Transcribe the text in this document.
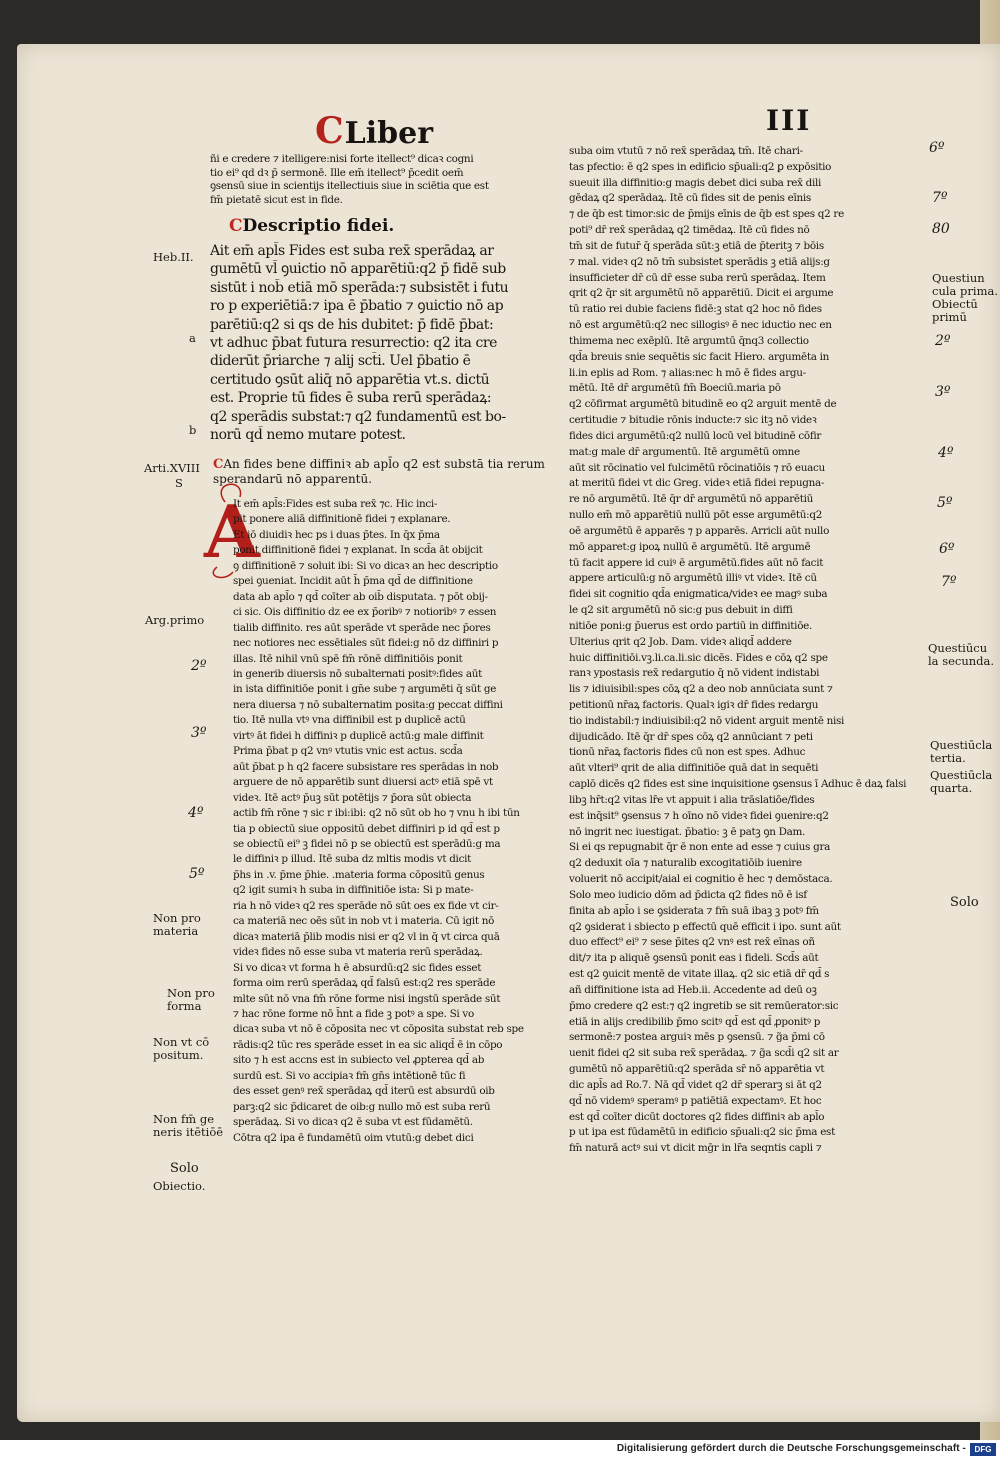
CLiber	III
ñi e credere ⁊ itelligere:nisi forte itellect⁹ dicaꝛ cogni
tio ei⁹ qd̄ dꝛ p̄ sermonē. Ille em̄ itellect⁹ p̄cedit oem̄
ꝯsensū siue in scientijs itellectiuis siue in sciētia que est
fm̄ pietatē sicut est in fide.
CDescriptio fidei.
Ait em̄ apl̄s Fides est suba rex̄ sperādaꝝ ar
gumētū vl̄ ꝯuictio nō apparētiū:q2 p̄ fidē sub
sistūt i nob̄ etiā mō sperāda:⁊ subsistēt i futu
ro p experiētiā:⁊ ipa ē p̄batio ⁊ ꝯuictio nō ap
parētiū:q2 si qs de his dubitet: p̄ fidē p̄bat:
vt adhuc p̄bat futura resurrectio: q2 ita cre
diderūt p̄riarche ⁊ alij sct̄i. Uel p̄batio ē
certitudo ꝯsūt aliq̄ nō apparētia vt.s. dictū
est. Proprie tū fides ē suba rerū sperādaꝝ:
q2 sperādis substat:⁊ q2 fundamentū est bo-
norū qd̄ nemo mutare potest.
CAn fides bene diffiniꝛ ab apl̄o q2 est substā tia rerum sperandarū nō apparentū.
A
It em̄ apl̄s:Fides est suba rex̄ ⁊c. Hic inci-
pit ponere aliā diffinitionē fidei ⁊ explanare.
Et iō diuidiꝛ hec ps i duas p̄tes. In q̄x p̄ma
ponit diffinitionē fidei ⁊ explanat. In scd̄a āt obijcit
ꝯ diffinitionē ⁊ soluit ibi: Si vo dicaꝛ an hec descriptio
spei ꝯueniat. Incidit aūt h̄ p̄ma qd̄ de diffinitione
data ab apl̄o ⁊ qd̄ coīter ab oib̄ disputata. ⁊ pōt obij-
ci sic. Ois diffinitio dz ee ex p̄oribꝰ ⁊ notioribꝰ ⁊ essen
tialib diffinito. res aūt sperāde vt sperāde nec p̄ores
nec notiores nec essētiales sūt fidei:g nō dz diffiniri p
illas. Itē nihil vnū spē fm̄ rōnē diffinitiōis ponit
in generib diuersis nō subalternati positꝰ:fides aūt
in ista diffinitiōe ponit i gn̄e sube ⁊ argumēti q̄ sūt ge
nera diuersa ⁊ nō subalternatim posita:g peccat diffini
tio. Itē nulla vtꝰ vna diffinibil est p duplicē actū
virtꝰ āt fidei h diffiniꝛ p duplicē actū:g male diffinit
Prima p̄bat p q2 vnꝰ vtutis vnic est actus. scd̄a
aūt p̄bat p h q2 facere subsistare res sperādas in nob
arguere de nō apparētib sunt diuersi actꝰ etiā spē vt
videꝛ. Itē actꝰ p̄uꝫ sūt potētijs ⁊ p̄ora sūt obiecta
actib fm̄ rōne ⁊ sic r ibi:ibi: q2 nō sūt ob ho ⁊ vnu h ibi tūn
tia p obiectū siue oppositū debet diffiniri p id qd̄ est p
se obiectū ei⁹ ꝫ fidei nō p se obiectū est sperādū:g ma
le diffiniꝛ p illud. Itē suba dz mltis modis vt dicit
p̄hs in .v. p̄me p̄hie. .materia forma cōpositū genus
q2 igit sumiꝛ h suba in diffinitiōe ista: Si p mate-
ria h nō videꝛ q2 res sperāde nō sūt oes ex fide vt cir-
ca materiā nec oēs sūt in nob vt i materia. Cū igit nō
dicaꝛ materiā p̄lib modis nisi er q2 vl in q̄ vt circa quā
videꝛ fides nō esse suba vt materia rerū sperādaꝝ.
Si vo dicaꝛ vt forma h ē absurdū:q2 sic fides esset
forma oim rerū sperādaꝝ qd̄ falsū est:q2 res sperāde
mlte sūt nō vna fm̄ rōne forme nisi ingstū sperāde sūt
⁊ hac rōne forme nō h̄nt a fide ꝫ potꝰ a spe. Si vo
dicaꝛ suba vt nō ē cōposita nec vt cōposita substat reb spe
rādis:q2 tūc res sperāde esset in ea sic aliqd̄ ē in cōpo
sito ⁊ h est accns est in subiecto vel ꝓpterea qd̄ ab
surdū est. Si vo accipiaꝛ fm̄ gn̄s intētionē tūc fi
des esset genꝰ rex̄ sperādaꝝ qd̄ iterū est absurdū oib
parꝫ:q2 sic p̄dicaret de oib:g nullo mō est suba rerū
sperādaꝝ. Si vo dicaꝛ q2 ē suba vt est fūdamētū.
Cōtra q2 ipa ē fundamētū oim vtutū:g debet dici
suba oim vtutū ⁊ nō rex̄ sperādaꝝ tm̄. Itē chari-
tas pfectio: ē q2 spes in edificio sp̄uali:q2 ꝑ expōsitio
sueuit illa diffinitio:g magis debet dici suba rex̄ dili
gēdaꝝ q2 sperādaꝝ. Itē cū fides sit de penis eīnis
⁊ de q̄b est timor:sic de p̄mijs eīnis de q̄b est spes q2 re
poti⁹ dr̄ rex̄ sperādaꝝ q2 timēdaꝝ. Itē cū fides nō
tm̄ sit de futur̄ q̄ sperāda sūt:ꝫ etiā de p̄teritꝫ ⁊ bōis
⁊ mal. videꝛ q2 nō tm̄ subsistet sperādis ꝫ etiā alijs:g
insufficieter dr̄ cū dr̄ esse suba rerū sperādaꝝ. Item
qrit q2 q̄r sit argumētū nō apparētiū. Dicit ei argume
tū ratio rei dubie faciens fidē:ꝫ stat q2 hoc nō fides
nō est argumētū:q2 nec sillogisꝰ ē nec iductio nec en
thimema nec exēplū. Itē argumtū q̄nq3 collectio
qd̄a breuis snie sequētis sic facit Hiero. argumēta in
li.in eplis ad Rom. ⁊ alias:nec h mō ē fides argu-
mētū. Itē dr̄ argumētū fm̄ Boeciū.maria pō
q2 cōfirmat argumētū bitudinē eo q2 arguit mentē de
certitudie ⁊ bitudie rōnis inducte:⁊ sic itꝫ nō videꝛ
fides dici argumētū:q2 nullū locū vel bitudinē cōfir
mat:g male dr̄ argumentū. Itē argumētū omne
aūt sit rōcinatio vel fulcimētū rōcinatiōis ⁊ rō euacu
at meritū fidei vt dic Greg. videꝛ etiā fidei repugna-
re nō argumētū. Itē q̄r dr̄ argumētū nō apparētiū
nullo em̄ mō apparētiū nullū pōt esse argumētū:q2
oē argumētū ē apparēs ⁊ p apparēs. Arricli aūt nullo
mō apparet:g ipoꝝ nullū ē argumētū. Itē argumē
tū facit appere id cuiꝰ ē argumētū.fides aūt nō facit
appere articulū:g nō argumētū illiꝰ vt videꝛ. Itē cū
fidei sit cognitio qd̄a enigmatica/videꝛ ee magꝰ suba
le q2 sit argumētū nō sic:g pus debuit in diffi
nitiōe poni:g p̄uerus est ordo partiū in diffinitiōe.
Ulterius qrit q2 Job. Dam. videꝛ aliqd̄ addere
huic diffinitiōi.vꝫ.li.ca.li.sic dicēs. Fides e cōꝝ q2 spe
ranꝛ ypostasis rex̄ redargutio q̄ nō vident indistabi
lis ⁊ idiuisibil:spes cōꝝ q2 a deo nob annūciata sunt ⁊
petitionū nr̄aꝝ factoris. Qualꝛ igiꝛ dr̄ fides redargu
tio indistabil:⁊ indiuisibil:q2 nō vident arguit mentē nisi
dijudicādo. Itē q̄r dr̄ spes cōꝝ q2 annūciant ⁊ peti
tionū nr̄aꝝ factoris fides cū non est spes. Adhuc
aūt vlteri⁹ qrit de alia diffinitiōe quā dat in sequēti
caplō dicēs q2 fides est sine inquisitione ꝯsensus ī Adhuc ē daꝝ falsi
libꝫ hr̄t:q2 vitas lr̄e vt appuit i alia trāslatiōe/fides
est inq̄sit⁹ ꝯsensus ⁊ h oīno nō videꝛ fidei ꝯuenire:q2
nō ingrit nec iuestigat. p̄batio: ꝫ ē patꝫ ꝯn Dam.
Si ei qs repugnabit q̄r ē non ente ad esse ⁊ cuius gra
q2 deduxit oīa ⁊ naturalib excogitatiōib iuenire
voluerit nō accipit/aial ei cognitio ē hec ⁊ demōstaca.
Solo meo iudicio dōm ad p̄dicta q2 fides nō ē isf
finita ab apl̄o i se ꝯsiderata ⁊ fm̄ suā ibaꝫ ꝫ potꝰ fm̄
q2 ꝯsiderat i sbiecto p effectū quē efficit i ipo. sunt aūt
duo effect⁹ ei⁹ ⁊ sese p̄ites q2 vnꝰ est rex̄ eīnas oñ
dit/⁊ ita p aliquē ꝯsensū ponit eas i fideli. Scd̄s aūt
est q2 ꝯuicit mentē de vitate illaꝝ. q2 sic etiā dr̄ qd̄ s
añ diffinitione ista ad Heb.ii. Accedente ad deū oꝫ
p̄mo credere q2 est:⁊ q2 ingretib se sit remūerator:sic
etiā in alijs credibilib p̄mo scitꝰ qd̄ est qd̄ ꝓponitꝰ p
sermonē:⁊ postea arguiꝛ mēs p ꝯsensū. ⁊ g̃a p̄mi cō
uenit fidei q2 sit suba rex̄ sperādaꝝ. ⁊ g̃a scd̄i q2 sit ar
gumētū nō apparētiū:q2 sperāda sr̄ nō apparētia vt
dic apl̄s ad Ro.7. Nā qd̄ videt q2 dr̄ sperarꝫ si āt q2
qd̄ nō videmꝰ speramꝰ p patiētiā expectamꝰ. Et hoc
est qd̄ coīter dicūt doctores q2 fides diffiniꝛ ab apl̄o
p ut ipa est fūdamētū in edificio sp̄uali:q2 sic p̄ma est
fm̄ naturā actꝰ sui vt dicit mḡr in lr̄a seqntis capli ⁊
Heb.II.
a
b
Arti.XVIII
S
Arg.primo
2º
3º
4º
5º
Non pro
materia
Non pro
forma
Non vt cō
positum.
Non fm̄ ge
neris itētiōē
Solo
Obiectio.
6º
7º
80
Questiun
cula prima.
Obiectū
primū
2º
3º
4º
5º
6º
7º
Questiūcu
la secunda.
Questiūcla
tertia.
Questiūcla
quarta.
Solo
Digitalisierung gefördert durch die Deutsche Forschungsgemeinschaft -	DFG
